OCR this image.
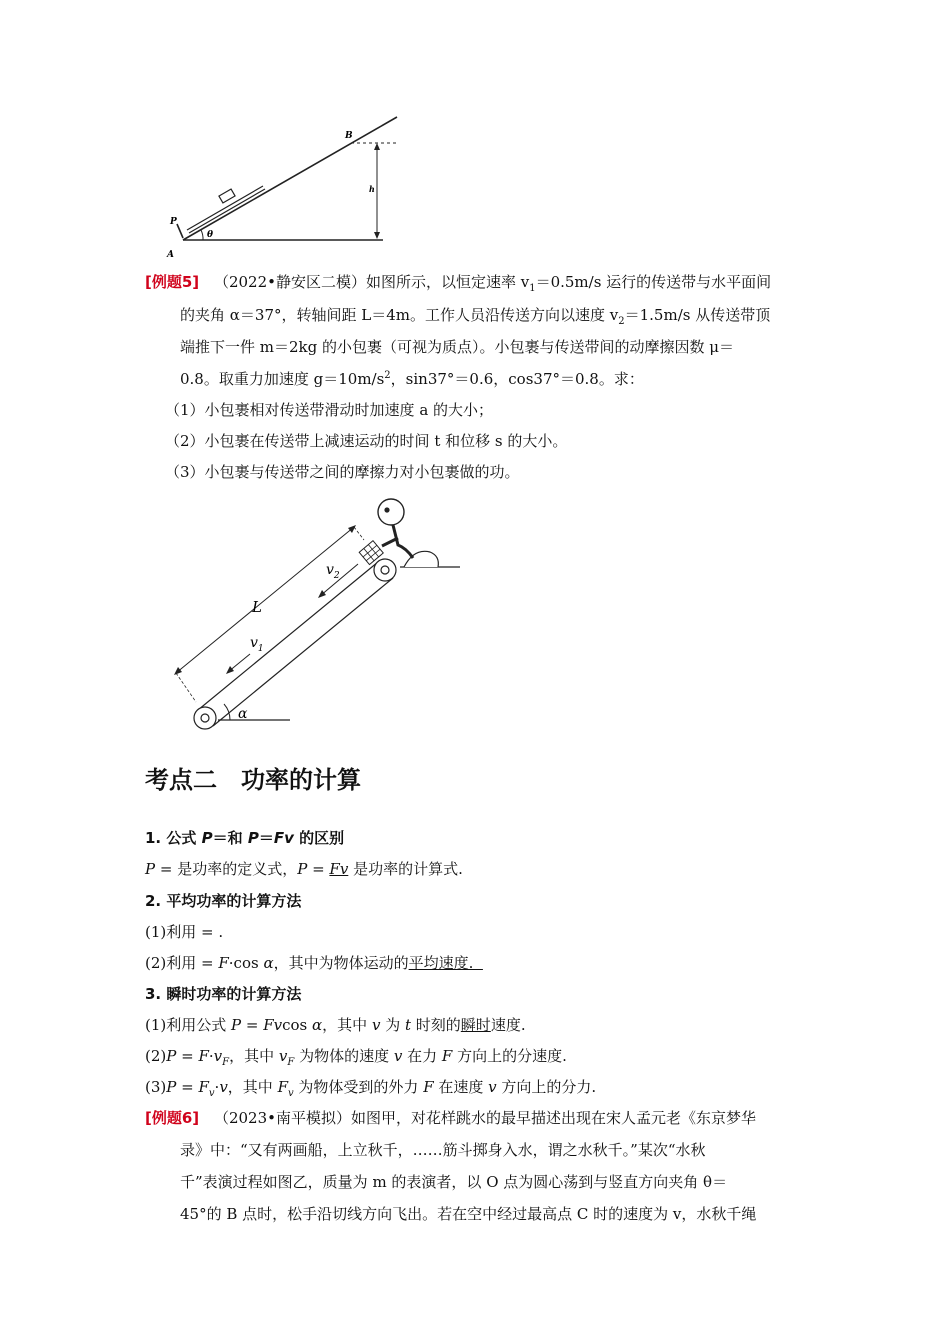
B
h
P
A
θ
[例题5] （2022•静安区二模）如图所示，以恒定速率 $v_1=0.5m/s$ 运行的传送带与水平面间
的夹角 α＝37°，转轴间距 L＝4m。工作人员沿传送方向以速度 $v_2=1.5m/s$ 从传送带顶
端推下一件 m＝2kg 的小包裹（可视为质点）。小包裹与传送带间的动摩擦因数 μ＝
0.8。取重力加速度 $g=10m/s^2$，sin37°＝0.6，cos37°＝0.8。求：
（1）小包裹相对传送带滑动时加速度 a 的大小；
（2）小包裹在传送带上减速运动的时间 t 和位移 s 的大小。
（3）小包裹与传送带之间的摩擦力对小包裹做的功。
L
$v_2$
$v_1$
α
考点二　功率的计算
1. 公式 P＝和 P＝Fv 的区别
P = 是功率的定义式，P = Fv 是功率的计算式.
2. 平均功率的计算方法
(1)利用 = .
(2)利用 = F·cos α，其中为物体运动的平均速度.
3. 瞬时功率的计算方法
(1)利用公式 P = Fvcos α，其中 v 为 t 时刻的瞬时速度.
$(2)P = F\cdot v_F$，其中 $v_F$ 为物体的速度 v 在力 F 方向上的分速度.
$(3)P = F_v\cdot v$，其中 $F_v$ 为物体受到的外力 F 在速度 v 方向上的分力.
[例题6] （2023•南平模拟）如图甲，对花样跳水的最早描述出现在宋人孟元老《东京梦华
录》中：“又有两画船，上立秋千，……筋斗掷身入水，谓之水秋千。”某次“水秋
千”表演过程如图乙，质量为 m 的表演者，以 O 点为圆心荡到与竖直方向夹角 θ＝
45°的 B 点时，松手沿切线方向飞出。若在空中经过最高点 C 时的速度为 v，水秋千绳
